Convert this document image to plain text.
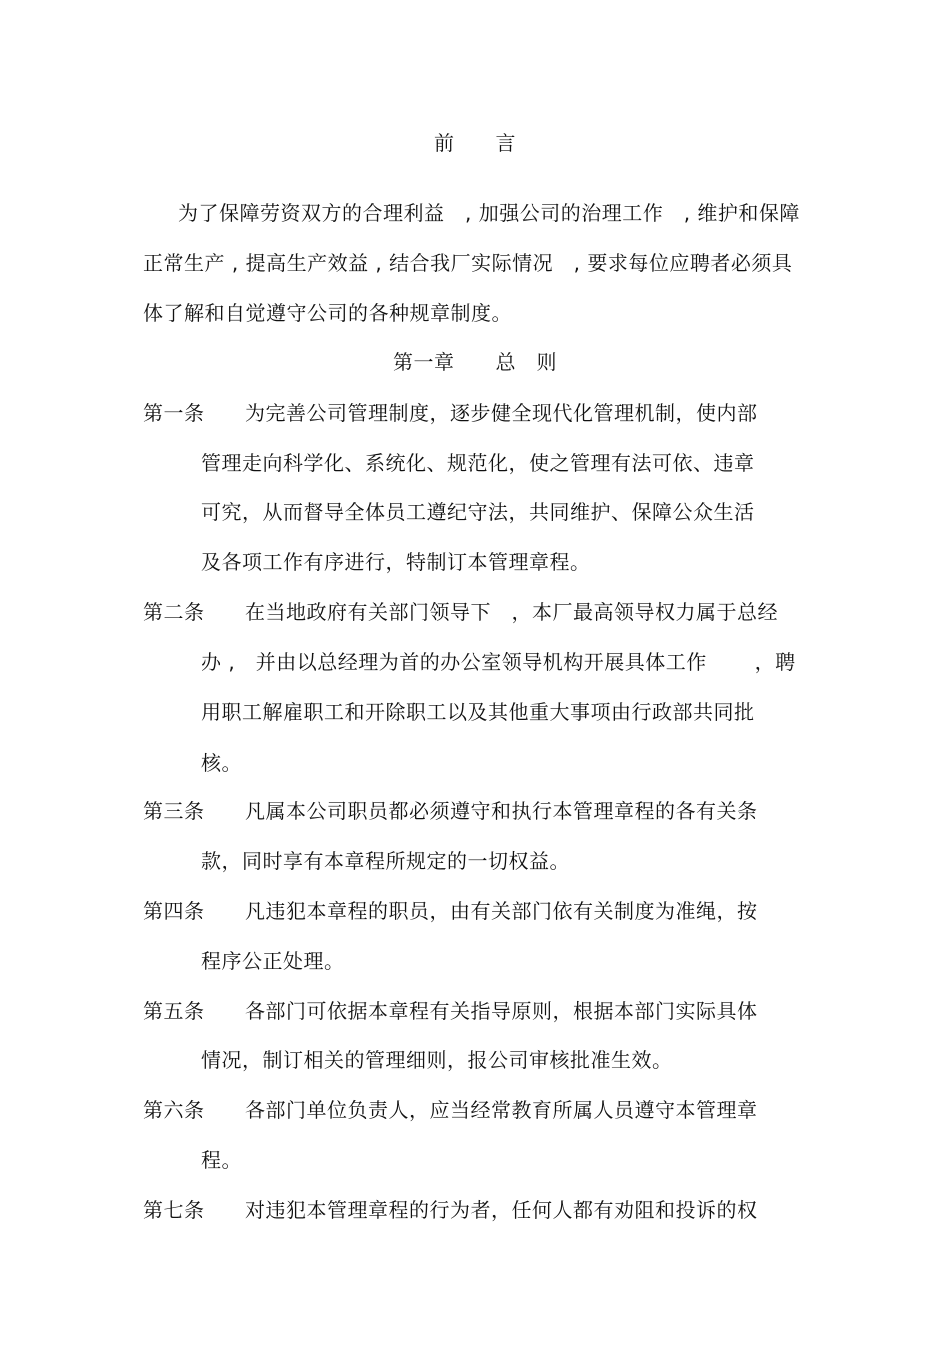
前　　言
为了保障劳资双方的合理利益　, 加强公司的治理工作　, 维护和保障
正常生产 , 提高生产效益 , 结合我厂实际情况　, 要求每位应聘者必须具
体了解和自觉遵守公司的各种规章制度。
第一章　　总　则
第一条 为完善公司管理制度，逐步健全现代化管理机制，使内部
管理走向科学化、系统化、规范化，使之管理有法可依、违章
可究，从而督导全体员工遵纪守法，共同维护、保障公众生活
及各项工作有序进行，特制订本管理章程。
第二条 在当地政府有关部门领导下　，本厂最高领导权力属于总经
办 ,　并由以总经理为首的办公室领导机构开展具体工作　　 ，聘
用职工解雇职工和开除职工以及其他重大事项由行政部共同批
核。
第三条 凡属本公司职员都必须遵守和执行本管理章程的各有关条
款，同时享有本章程所规定的一切权益。
第四条 凡违犯本章程的职员，由有关部门依有关制度为准绳，按
程序公正处理。
第五条 各部门可依据本章程有关指导原则，根据本部门实际具体
情况，制订相关的管理细则，报公司审核批准生效。
第六条 各部门单位负责人，应当经常教育所属人员遵守本管理章
程。
第七条 对违犯本管理章程的行为者，任何人都有劝阻和投诉的权
